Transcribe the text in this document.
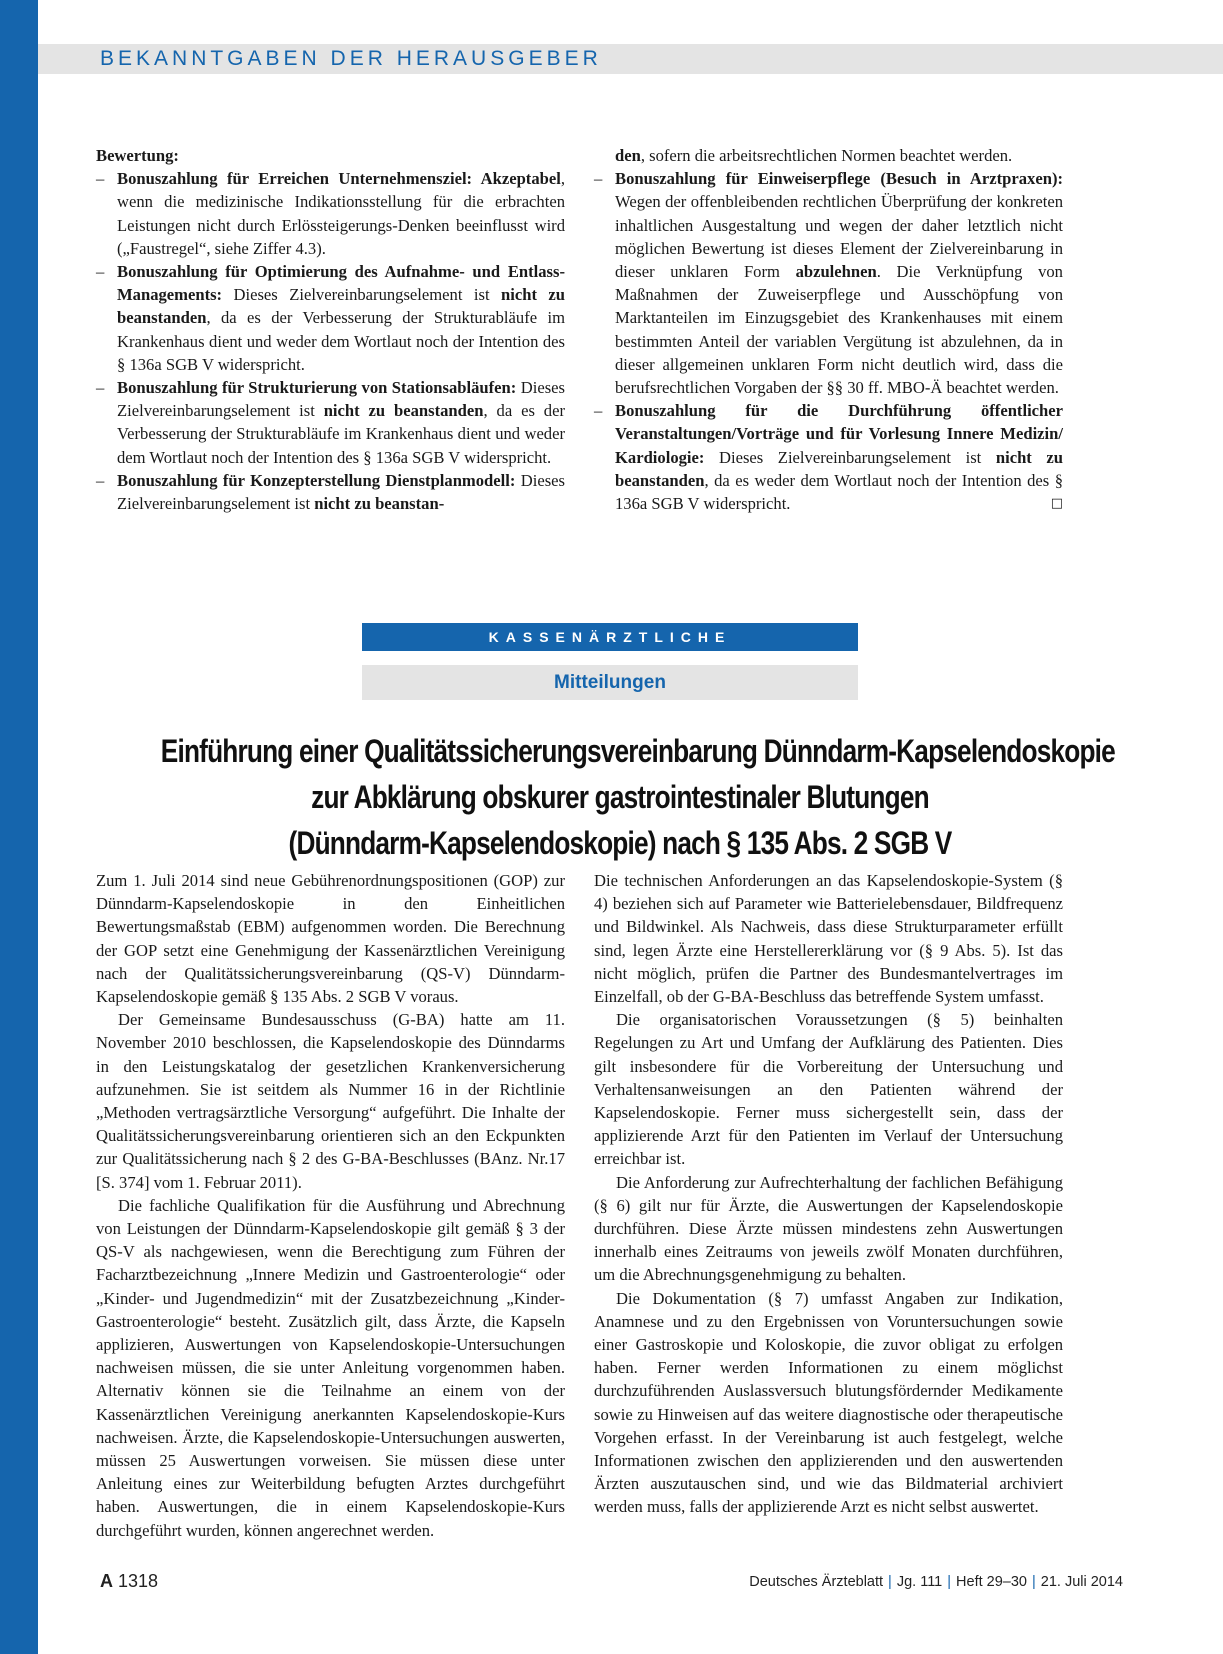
BEKANNTGABEN DER HERAUSGEBER

Bewertung:

– Bonuszahlung für Erreichen Unternehmensziel: Akzeptabel, wenn die medizinische Indikationsstellung für die erbrachten Leistungen nicht durch Erlössteigerungs-Denken beeinflusst wird („Faustregel“, siehe Ziffer 4.3).
– Bonuszahlung für Optimierung des Aufnahme- und Entlass-Managements: Dieses Zielvereinbarungselement ist nicht zu beanstanden, da es der Verbesserung der Strukturabläufe im Krankenhaus dient und weder dem Wortlaut noch der Intention des § 136a SGB V widerspricht.
– Bonuszahlung für Strukturierung von Stationsabläufen: Dieses Zielvereinbarungselement ist nicht zu beanstanden, da es der Verbesserung der Strukturabläufe im Krankenhaus dient und weder dem Wortlaut noch der Intention des § 136a SGB V widerspricht.
– Bonuszahlung für Konzepterstellung Dienstplanmodell: Dieses Zielvereinbarungselement ist nicht zu beanstan-
den, sofern die arbeitsrechtlichen Normen beachtet werden.
– Bonuszahlung für Einweiserpflege (Besuch in Arztpraxen): Wegen der offenbleibenden rechtlichen Überprüfung der konkreten inhaltlichen Ausgestaltung und wegen der daher letztlich nicht möglichen Bewertung ist dieses Element der Zielvereinbarung in dieser unklaren Form abzulehnen. Die Verknüpfung von Maßnahmen der Zuweiserpflege und Ausschöpfung von Marktanteilen im Einzugsgebiet des Krankenhauses mit einem bestimmten Anteil der variablen Vergütung ist abzulehnen, da in dieser allgemeinen unklaren Form nicht deutlich wird, dass die berufsrechtlichen Vorgaben der §§ 30 ff. MBO-Ä beachtet werden.
– Bonuszahlung für die Durchführung öffentlicher Veranstaltungen/Vorträge und für Vorlesung Innere Medizin/ Kardiologie: Dieses Zielvereinbarungselement ist nicht zu beanstanden, da es weder dem Wortlaut noch der Intention des § 136a SGB V widerspricht.	□
KASSENÄRZTLICHE
Mitteilungen
Einführung einer Qualitätssicherungsvereinbarung Dünndarm-Kapselendoskopie
zur Abklärung obskurer gastrointestinaler Blutungen
(Dünndarm-Kapselendoskopie) nach § 135 Abs. 2 SGB V

Zum 1. Juli 2014 sind neue Gebührenordnungspositionen (GOP) zur Dünndarm-Kapselendoskopie in den Einheitlichen Bewertungsmaßstab (EBM) aufgenommen worden. Die Berechnung der GOP setzt eine Genehmigung der Kassenärztlichen Vereinigung nach der Qualitätssicherungsvereinbarung (QS-V) Dünndarm-Kapselendoskopie gemäß § 135 Abs. 2 SGB V voraus.

Der Gemeinsame Bundesausschuss (G-BA) hatte am 11. November 2010 beschlossen, die Kapselendoskopie des Dünndarms in den Leistungskatalog der gesetzlichen Krankenversicherung aufzunehmen. Sie ist seitdem als Nummer 16 in der Richtlinie „Methoden vertragsärztliche Versorgung“ aufgeführt. Die Inhalte der Qualitätssicherungsvereinbarung orientieren sich an den Eckpunkten zur Qualitätssicherung nach § 2 des G-BA-Beschlusses (BAnz. Nr.17 [S. 374] vom 1. Februar 2011).

Die fachliche Qualifikation für die Ausführung und Abrechnung von Leistungen der Dünndarm-Kapselendoskopie gilt gemäß § 3 der QS-V als nachgewiesen, wenn die Berechtigung zum Führen der Facharztbezeichnung „Innere Medizin und Gastroenterologie“ oder „Kinder- und Jugendmedizin“ mit der Zusatzbezeichnung „Kinder-Gastroenterologie“ besteht. Zusätzlich gilt, dass Ärzte, die Kapseln applizieren, Auswertungen von Kapselendoskopie-Untersuchungen nachweisen müssen, die sie unter Anleitung vorgenommen haben. Alternativ können sie die Teilnahme an einem von der Kassenärztlichen Vereinigung anerkannten Kapselendoskopie-Kurs nachweisen. Ärzte, die Kapselendoskopie-Untersuchungen auswerten, müssen 25 Auswertungen vorweisen. Sie müssen diese unter Anleitung eines zur Weiterbildung befugten Arztes durchgeführt haben. Auswertungen, die in einem Kapselendoskopie-Kurs durchgeführt wurden, können angerechnet werden.

Die technischen Anforderungen an das Kapselendoskopie-System (§ 4) beziehen sich auf Parameter wie Batterielebensdauer, Bildfrequenz und Bildwinkel. Als Nachweis, dass diese Strukturparameter erfüllt sind, legen Ärzte eine Herstellererklärung vor (§ 9 Abs. 5). Ist das nicht möglich, prüfen die Partner des Bundesmantelvertrages im Einzelfall, ob der G-BA-Beschluss das betreffende System umfasst.

Die organisatorischen Voraussetzungen (§ 5) beinhalten Regelungen zu Art und Umfang der Aufklärung des Patienten. Dies gilt insbesondere für die Vorbereitung der Untersuchung und Verhaltensanweisungen an den Patienten während der Kapselendoskopie. Ferner muss sichergestellt sein, dass der applizierende Arzt für den Patienten im Verlauf der Untersuchung erreichbar ist.

Die Anforderung zur Aufrechterhaltung der fachlichen Befähigung (§ 6) gilt nur für Ärzte, die Auswertungen der Kapselendoskopie durchführen. Diese Ärzte müssen mindestens zehn Auswertungen innerhalb eines Zeitraums von jeweils zwölf Monaten durchführen, um die Abrechnungsgenehmigung zu behalten.

Die Dokumentation (§ 7) umfasst Angaben zur Indikation, Anamnese und zu den Ergebnissen von Voruntersuchungen sowie einer Gastroskopie und Koloskopie, die zuvor obligat zu erfolgen haben. Ferner werden Informationen zu einem möglichst durchzuführenden Auslassversuch blutungsfördernder Medikamente sowie zu Hinweisen auf das weitere diagnostische oder therapeutische Vorgehen erfasst. In der Vereinbarung ist auch festgelegt, welche Informationen zwischen den applizierenden und den auswertenden Ärzten auszutauschen sind, und wie das Bildmaterial archiviert werden muss, falls der applizierende Arzt es nicht selbst auswertet.

A 1318	Deutsches Ärzteblatt | Jg. 111 | Heft 29–30 | 21. Juli 2014
